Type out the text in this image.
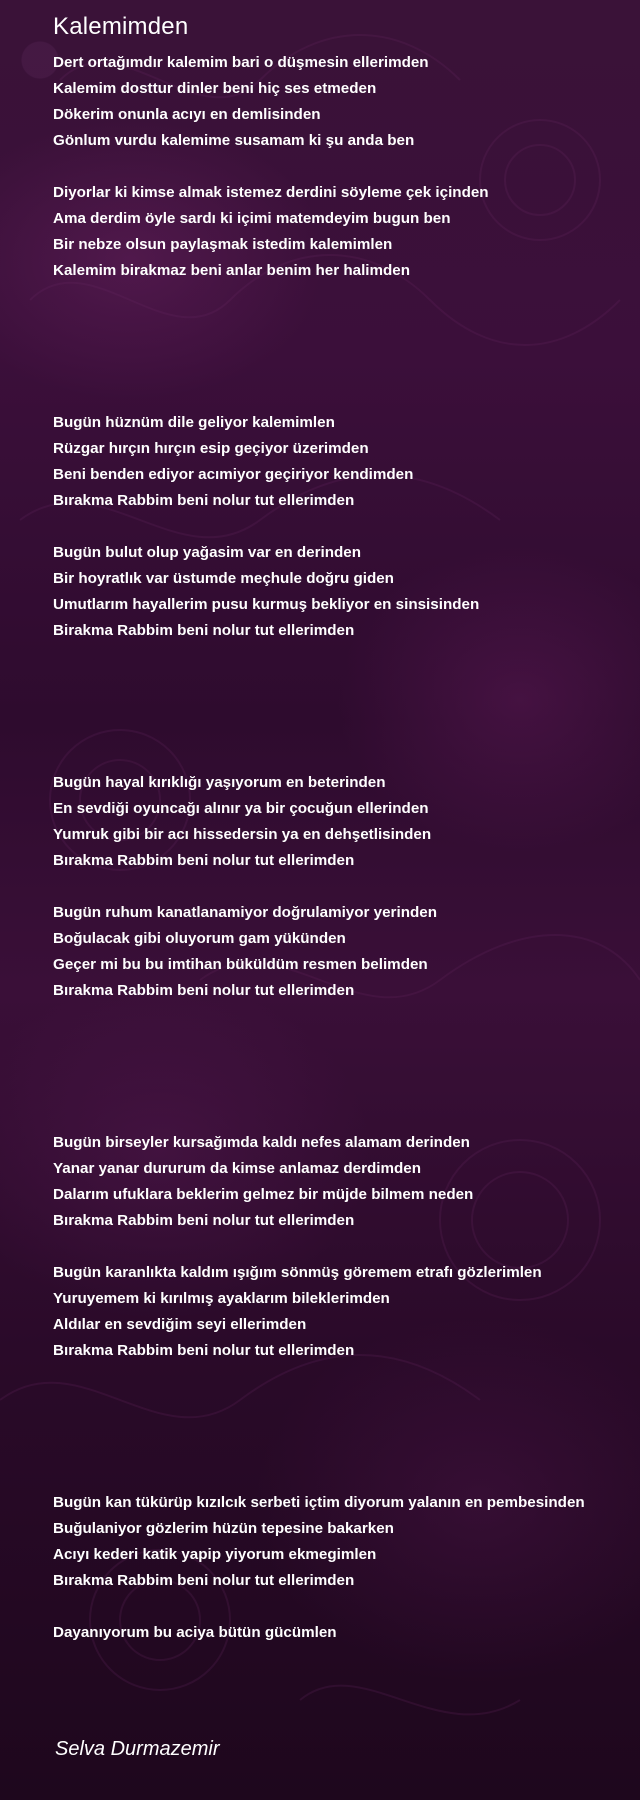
Kalemimden
Dert ortağımdır kalemim bari o düşmesin ellerimden
Kalemim dosttur dinler beni hiç ses etmeden
Dökerim onunla acıyı en demlisinden
Gönlum vurdu kalemime susamam ki şu anda ben
Diyorlar ki kimse almak istemez derdini söyleme çek içinden
Ama derdim öyle sardı ki içimi matemdeyim bugun ben
Bir nebze olsun paylaşmak istedim kalemimlen
Kalemim birakmaz beni anlar benim her halimden
Bugün hüznüm dile geliyor kalemimlen
Rüzgar hırçın hırçın esip geçiyor üzerimden
Beni benden ediyor acımiyor geçiriyor kendimden
Bırakma Rabbim beni nolur tut ellerimden
Bugün bulut olup yağasim var en derinden
Bir hoyratlık var üstumde meçhule doğru giden
Umutlarım hayallerim pusu kurmuş bekliyor en sinsisinden
Birakma Rabbim beni nolur tut ellerimden
Bugün hayal kırıklığı yaşıyorum en beterinden
En sevdiği oyuncağı alınır ya bir çocuğun ellerinden
Yumruk gibi bir acı hissedersin ya en dehşetlisinden
Bırakma Rabbim beni nolur tut ellerimden
Bugün ruhum kanatlanamiyor doğrulamiyor yerinden
Boğulacak gibi oluyorum gam yükünden
Geçer mi bu bu imtihan büküldüm resmen belimden
Bırakma Rabbim beni nolur tut ellerimden
Bugün birseyler kursağımda kaldı nefes alamam derinden
Yanar yanar dururum da kimse anlamaz derdimden
Dalarım ufuklara beklerim gelmez bir müjde bilmem neden
Bırakma Rabbim beni nolur tut ellerimden
Bugün karanlıkta kaldım ışığım sönmüş göremem etrafı gözlerimlen
Yuruyemem ki kırılmış ayaklarım bileklerimden
Aldılar en sevdiğim seyi ellerimden
Bırakma Rabbim beni nolur tut ellerimden
Bugün kan tükürüp kızılcık serbeti içtim diyorum yalanın en pembesinden
Buğulaniyor gözlerim hüzün tepesine bakarken
Acıyı kederi katik yapip yiyorum ekmegimlen
Bırakma Rabbim beni nolur tut ellerimden
Dayanıyorum bu aciya bütün gücümlen
Selva Durmazemir
